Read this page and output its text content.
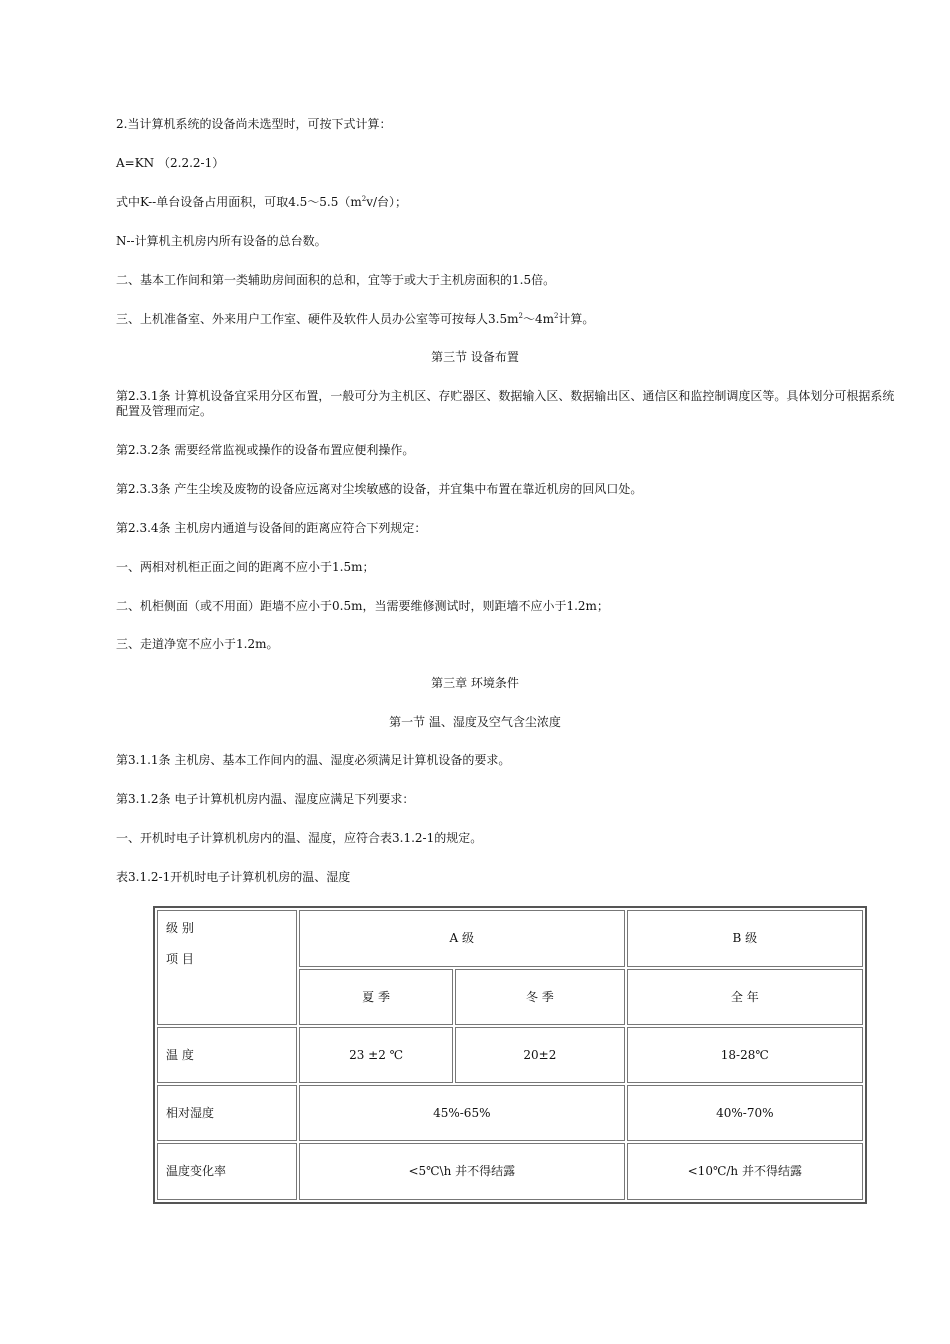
2.当计算机系统的设备尚未选型时，可按下式计算：
A=KN （2.2.2-1）
式中K--单台设备占用面积，可取$4.5\sim 5.5(m^2v/$台）；
N--计算机主机房内所有设备的总台数。
二、基本工作间和第一类辅助房间面积的总和，宜等于或大于主机房面积的1.5倍。
三、上机准备室、外来用户工作室、硬件及软件人员办公室等可按每人$3.5m^2\sim 4m^2$计算。
第三节 设备布置
第2.3.1条 计算机设备宜采用分区布置，一般可分为主机区、存贮器区、数据输入区、数据输出区、通信区和监控制调度区等。具体划分可根据系统配置及管理而定。
第2.3.2条 需要经常监视或操作的设备布置应便利操作。
第2.3.3条 产生尘埃及废物的设备应远离对尘埃敏感的设备，并宜集中布置在靠近机房的回风口处。
第2.3.4条 主机房内通道与设备间的距离应符合下列规定：
一、两相对机柜正面之间的距离不应小于1.5m；
二、机柜侧面（或不用面）距墙不应小于0.5m，当需要维修测试时，则距墙不应小于1.2m；
三、走道净宽不应小于1.2m。
第三章 环境条件
第一节 温、湿度及空气含尘浓度
第3.1.1条 主机房、基本工作间内的温、湿度必须满足计算机设备的要求。
第3.1.2条 电子计算机机房内温、湿度应满足下列要求：
一、开机时电子计算机机房内的温、湿度，应符合表3.1.2-1的规定。
表3.1.2-1开机时电子计算机机房的温、湿度
级 别
项 目	A 级		B 级
	夏 季	冬 季	全 年
温 度	23 ±2 ℃	20±2	18-28℃
相对湿度	45%-65%		40%-70%
温度变化率	<5℃\h 并不得结露		<10℃/h 并不得结露
